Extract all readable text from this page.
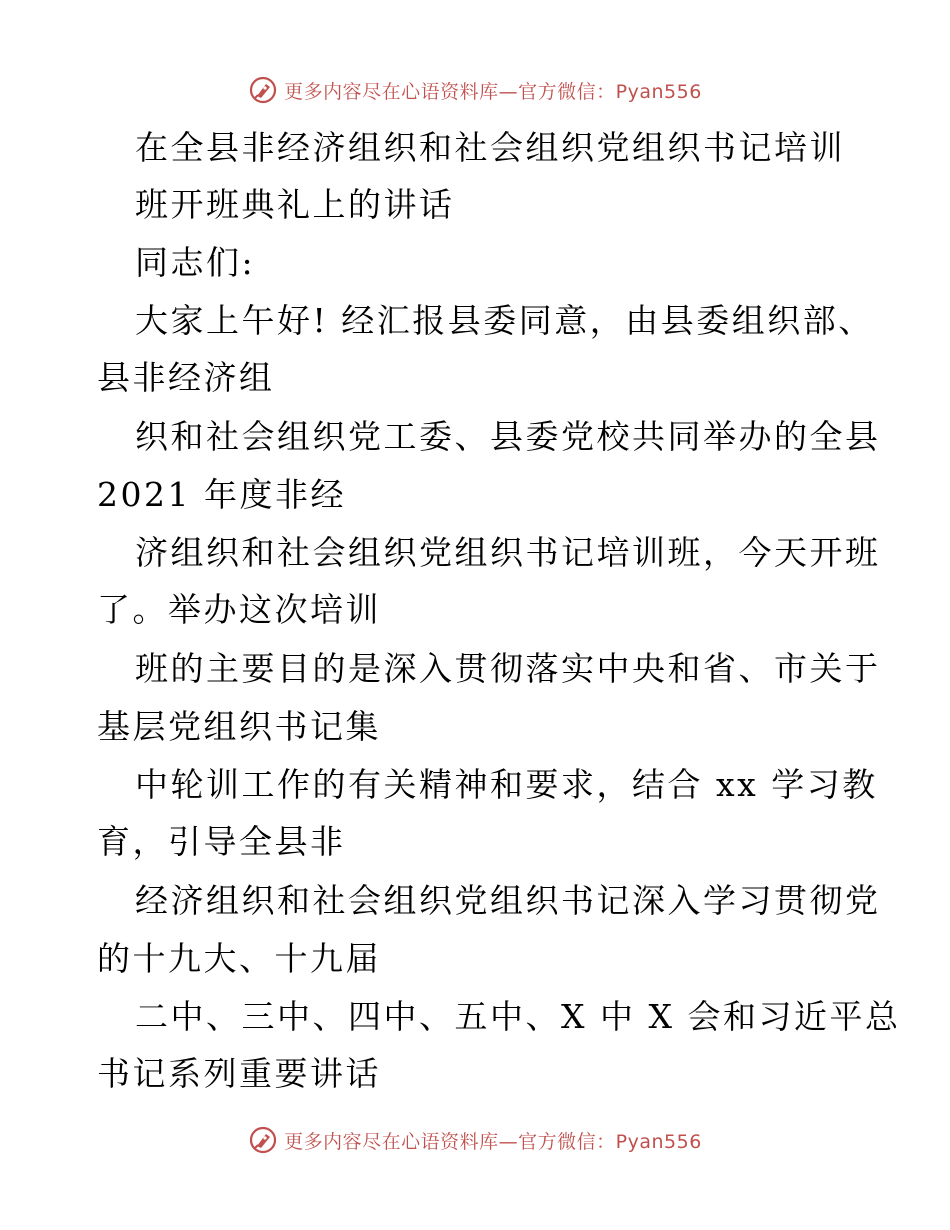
更多内容尽在心语资料库—官方微信：Pyan556
在全县非经济组织和社会组织党组织书记培训
班开班典礼上的讲话
同志们:
大家上午好! 经汇报县委同意，由县委组织部、
县非经济组
织和社会组织党工委、县委党校共同举办的全县
2021 年度非经
济组织和社会组织党组织书记培训班，今天开班
了。举办这次培训
班的主要目的是深入贯彻落实中央和省、市关于
基层党组织书记集
中轮训工作的有关精神和要求，结合 xx 学习教
育，引导全县非
经济组织和社会组织党组织书记深入学习贯彻党
的十九大、十九届
二中、三中、四中、五中、X 中 X 会和习近平总
书记系列重要讲话
更多内容尽在心语资料库—官方微信：Pyan556
